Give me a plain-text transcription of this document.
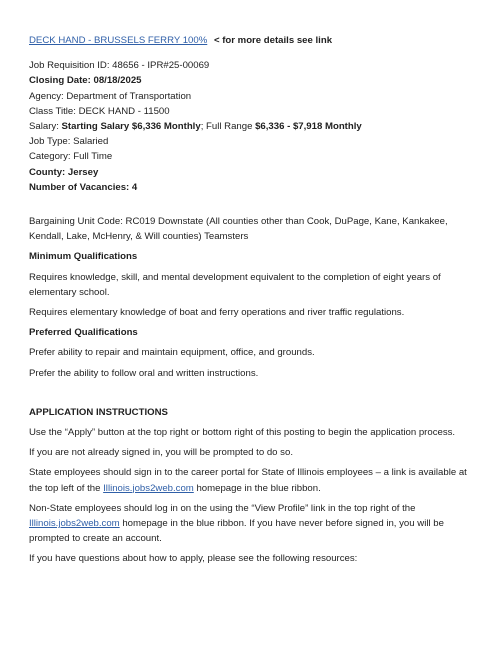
DECK HAND - BRUSSELS FERRY 100% < for more details see link
Job Requisition ID: 48656 - IPR#25-00069
Closing Date: 08/18/2025
Agency: Department of Transportation
Class Title: DECK HAND - 11500
Salary: Starting Salary $6,336 Monthly; Full Range $6,336 - $7,918 Monthly
Job Type: Salaried
Category: Full Time
County: Jersey
Number of Vacancies: 4

Bargaining Unit Code: RC019 Downstate (All counties other than Cook, DuPage, Kane, Kankakee, Kendall, Lake, McHenry, & Will counties) Teamsters

Minimum Qualifications

Requires knowledge, skill, and mental development equivalent to the completion of eight years of elementary school.

Requires elementary knowledge of boat and ferry operations and river traffic regulations.

Preferred Qualifications

Prefer ability to repair and maintain equipment, office, and grounds.

Prefer the ability to follow oral and written instructions.

APPLICATION INSTRUCTIONS

Use the “Apply” button at the top right or bottom right of this posting to begin the application process.

If you are not already signed in, you will be prompted to do so.

State employees should sign in to the career portal for State of Illinois employees – a link is available at the top left of the Illinois.jobs2web.com homepage in the blue ribbon.

Non-State employees should log in on the using the “View Profile” link in the top right of the Illinois.jobs2web.com homepage in the blue ribbon. If you have never before signed in, you will be prompted to create an account.

If you have questions about how to apply, please see the following resources:
